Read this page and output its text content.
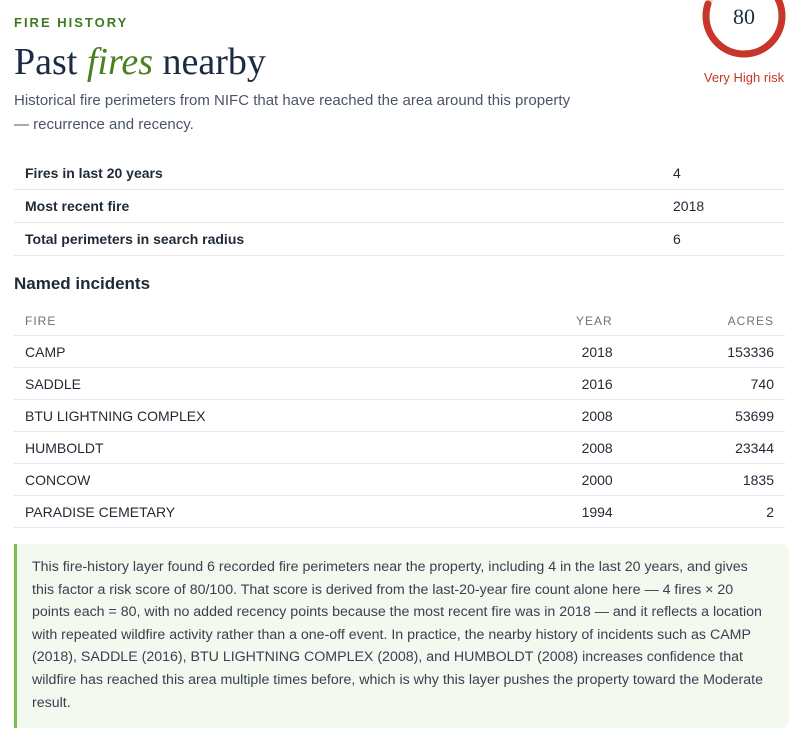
FIRE HISTORY
Past fires nearby
Historical fire perimeters from NIFC that have reached the area around this property — recurrence and recency.
80
Very High risk
Fires in last 20 years	4
Most recent fire	2018
Total perimeters in search radius	6
Named incidents
FIRE	YEAR	ACRES
CAMP	2018	153336
SADDLE	2016	740
BTU LIGHTNING COMPLEX	2008	53699
HUMBOLDT	2008	23344
CONCOW	2000	1835
PARADISE CEMETARY	1994	2
This fire-history layer found 6 recorded fire perimeters near the property, including 4 in the last 20 years, and gives this factor a risk score of 80/100. That score is derived from the last-20-year fire count alone here — 4 fires × 20 points each = 80, with no added recency points because the most recent fire was in 2018 — and it reflects a location with repeated wildfire activity rather than a one-off event. In practice, the nearby history of incidents such as CAMP (2018), SADDLE (2016), BTU LIGHTNING COMPLEX (2008), and HUMBOLDT (2008) increases confidence that wildfire has reached this area multiple times before, which is why this layer pushes the property toward the Moderate result.
